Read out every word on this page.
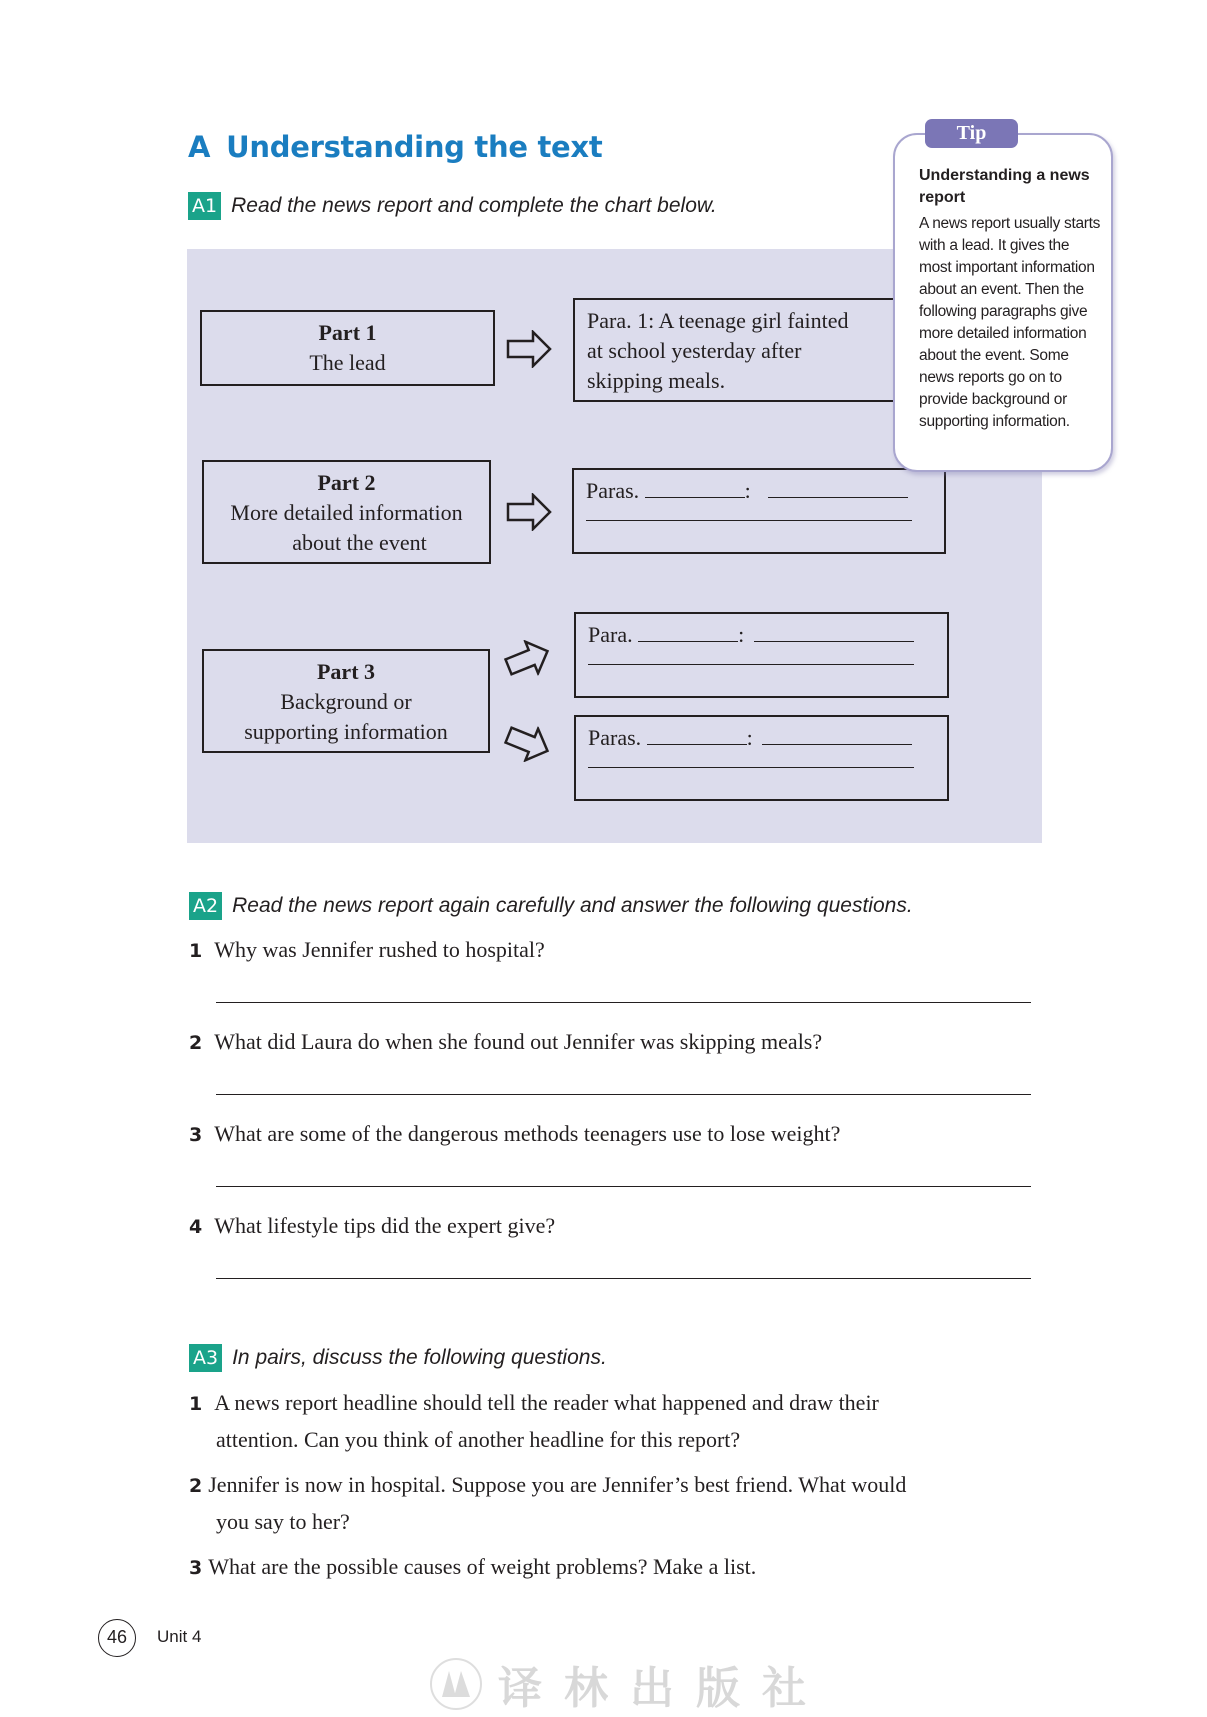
A Understanding the text
A1 Read the news report and complete the chart below.
Part 1
The lead
Para. 1: A teenage girl fainted
at school yesterday after
skipping meals.
Part 2
More detailed information
about the event
Paras.	:
Part 3
Background or
supporting information
Para.	:
Paras.	:
Understanding a news report
A news report usually starts with a lead. It gives the most important information about an event. Then the following paragraphs give more detailed information about the event. Some news reports go on to provide background or supporting information.
Tip
A2 Read the news report again carefully and answer the following questions.
1 Why was Jennifer rushed to hospital?
2 What did Laura do when she found out Jennifer was skipping meals?
3 What are some of the dangerous methods teenagers use to lose weight?
4 What lifestyle tips did the expert give?
A3 In pairs, discuss the following questions.
1 A news report headline should tell the reader what happened and draw their
attention. Can you think of another headline for this report?
2 Jennifer is now in hospital. Suppose you are Jennifer’s best friend. What would
you say to her?
3 What are the possible causes of weight problems? Make a list.
46	Unit 4
译林出版社
